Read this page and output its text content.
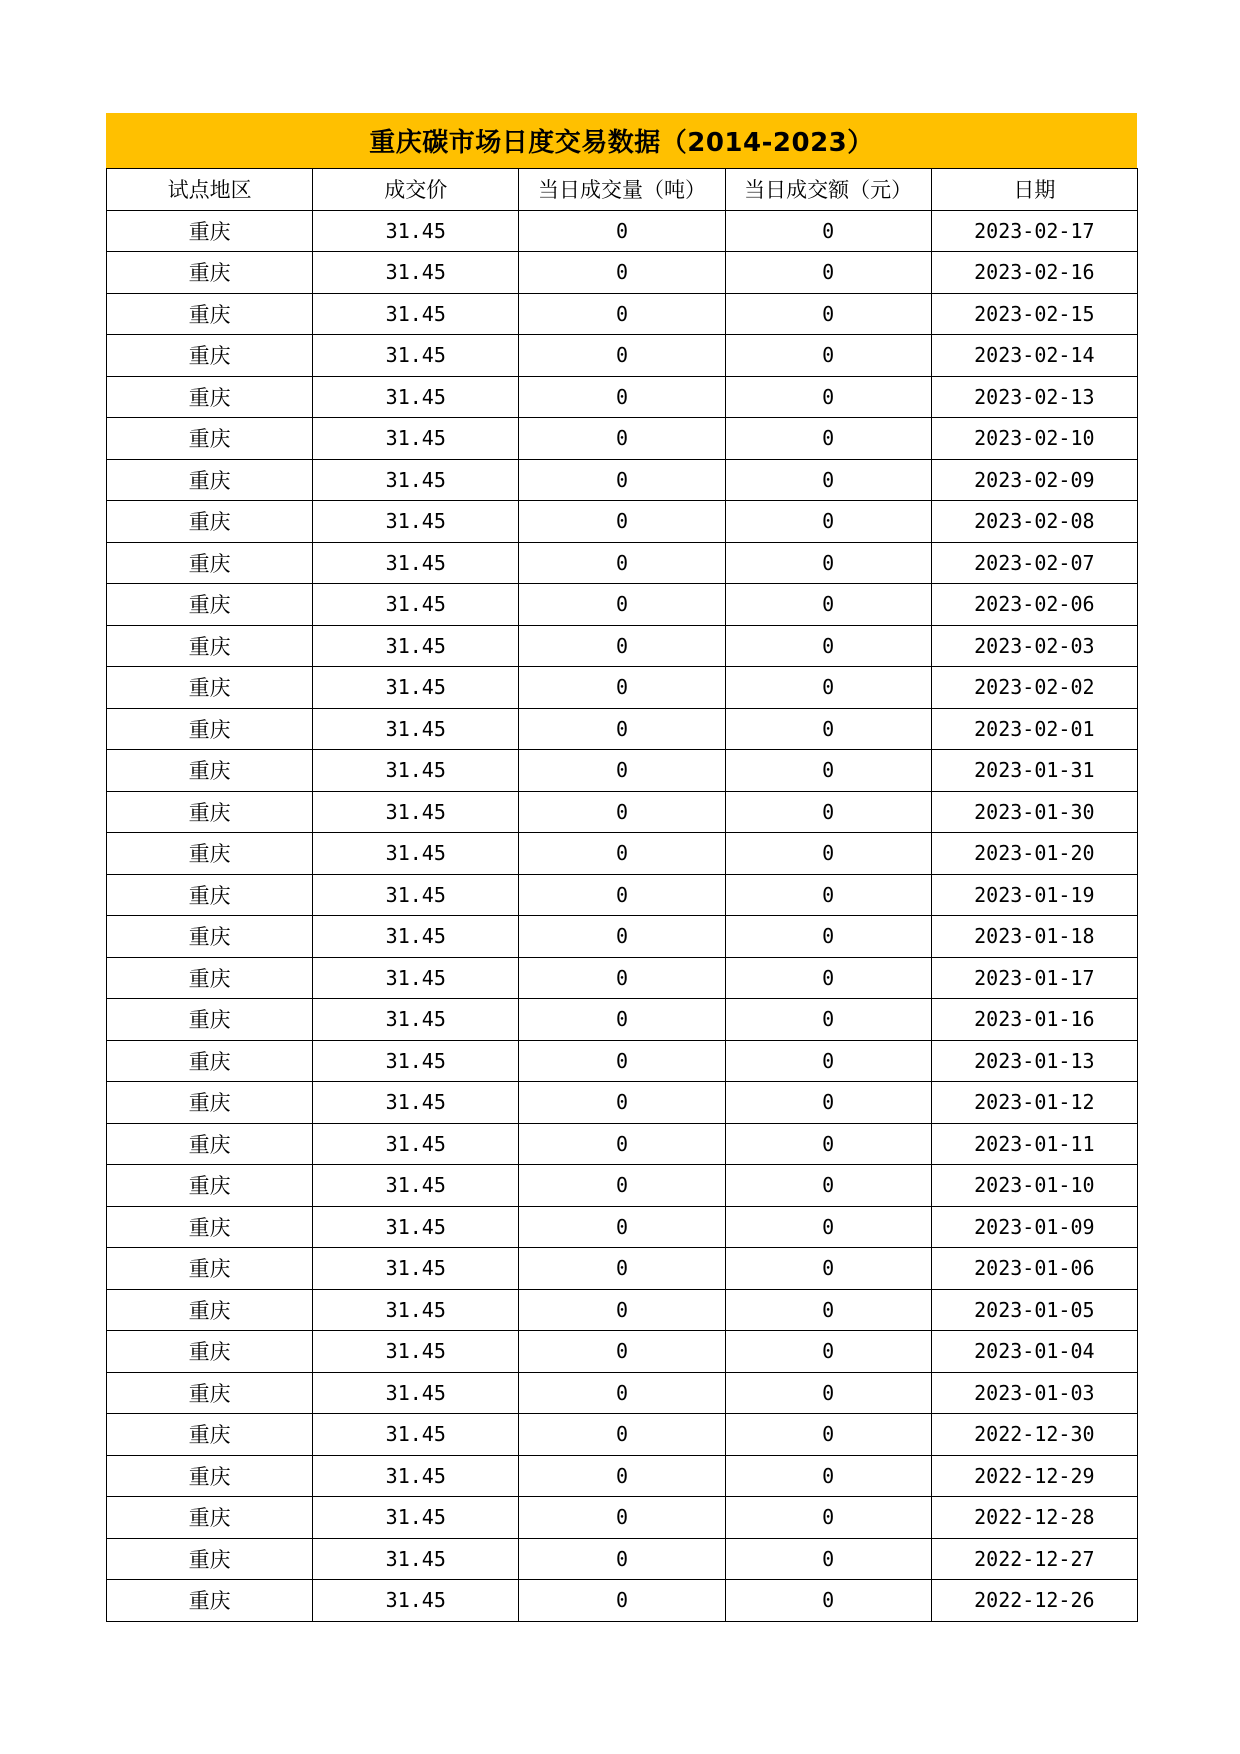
重庆碳市场日度交易数据（2014-2023）
试点地区	成交价	当日成交量（吨）	当日成交额（元）	日期
重庆	31.45	0	0	2023-02-17
重庆	31.45	0	0	2023-02-16
重庆	31.45	0	0	2023-02-15
重庆	31.45	0	0	2023-02-14
重庆	31.45	0	0	2023-02-13
重庆	31.45	0	0	2023-02-10
重庆	31.45	0	0	2023-02-09
重庆	31.45	0	0	2023-02-08
重庆	31.45	0	0	2023-02-07
重庆	31.45	0	0	2023-02-06
重庆	31.45	0	0	2023-02-03
重庆	31.45	0	0	2023-02-02
重庆	31.45	0	0	2023-02-01
重庆	31.45	0	0	2023-01-31
重庆	31.45	0	0	2023-01-30
重庆	31.45	0	0	2023-01-20
重庆	31.45	0	0	2023-01-19
重庆	31.45	0	0	2023-01-18
重庆	31.45	0	0	2023-01-17
重庆	31.45	0	0	2023-01-16
重庆	31.45	0	0	2023-01-13
重庆	31.45	0	0	2023-01-12
重庆	31.45	0	0	2023-01-11
重庆	31.45	0	0	2023-01-10
重庆	31.45	0	0	2023-01-09
重庆	31.45	0	0	2023-01-06
重庆	31.45	0	0	2023-01-05
重庆	31.45	0	0	2023-01-04
重庆	31.45	0	0	2023-01-03
重庆	31.45	0	0	2022-12-30
重庆	31.45	0	0	2022-12-29
重庆	31.45	0	0	2022-12-28
重庆	31.45	0	0	2022-12-27
重庆	31.45	0	0	2022-12-26
